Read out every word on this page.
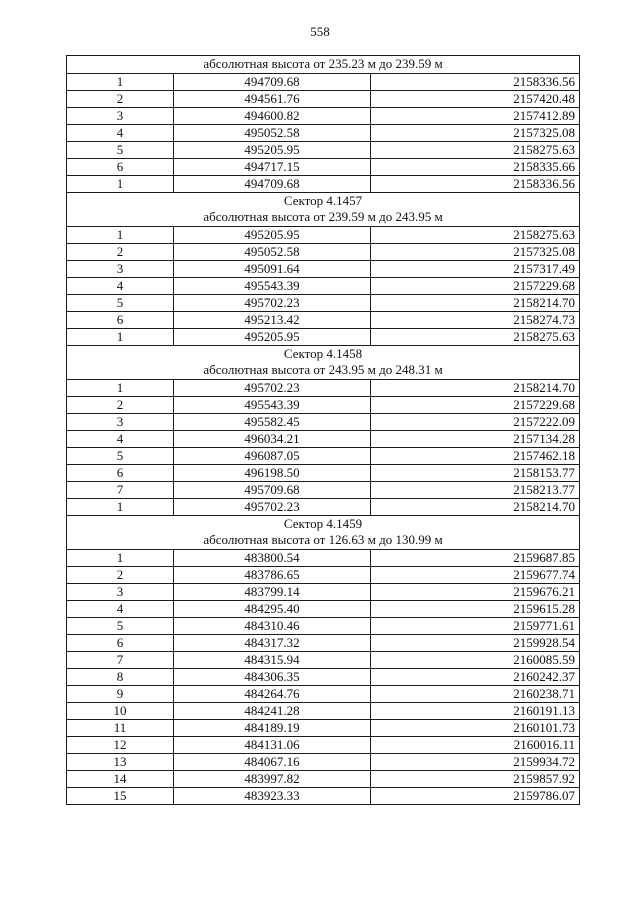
558
абсолютная высота от 235.23 м до 239.59 м		

1	494709.68	2158336.56
2	494561.76	2157420.48
3	494600.82	2157412.89
4	495052.58	2157325.08
5	495205.95	2158275.63
6	494717.15	2158335.66
1	494709.68	2158336.56

Сектор 4.1457
абсолютная высота от 239.59 м до 243.95 м		

1	495205.95	2158275.63
2	495052.58	2157325.08
3	495091.64	2157317.49
4	495543.39	2157229.68
5	495702.23	2158214.70
6	495213.42	2158274.73
1	495205.95	2158275.63

Сектор 4.1458
абсолютная высота от 243.95 м до 248.31 м		

1	495702.23	2158214.70
2	495543.39	2157229.68
3	495582.45	2157222.09
4	496034.21	2157134.28
5	496087.05	2157462.18
6	496198.50	2158153.77
7	495709.68	2158213.77
1	495702.23	2158214.70

Сектор 4.1459
абсолютная высота от 126.63 м до 130.99 м		

1	483800.54	2159687.85
2	483786.65	2159677.74
3	483799.14	2159676.21
4	484295.40	2159615.28
5	484310.46	2159771.61
6	484317.32	2159928.54
7	484315.94	2160085.59
8	484306.35	2160242.37
9	484264.76	2160238.71
10	484241.28	2160191.13
11	484189.19	2160101.73
12	484131.06	2160016.11
13	484067.16	2159934.72
14	483997.82	2159857.92
15	483923.33	2159786.07
